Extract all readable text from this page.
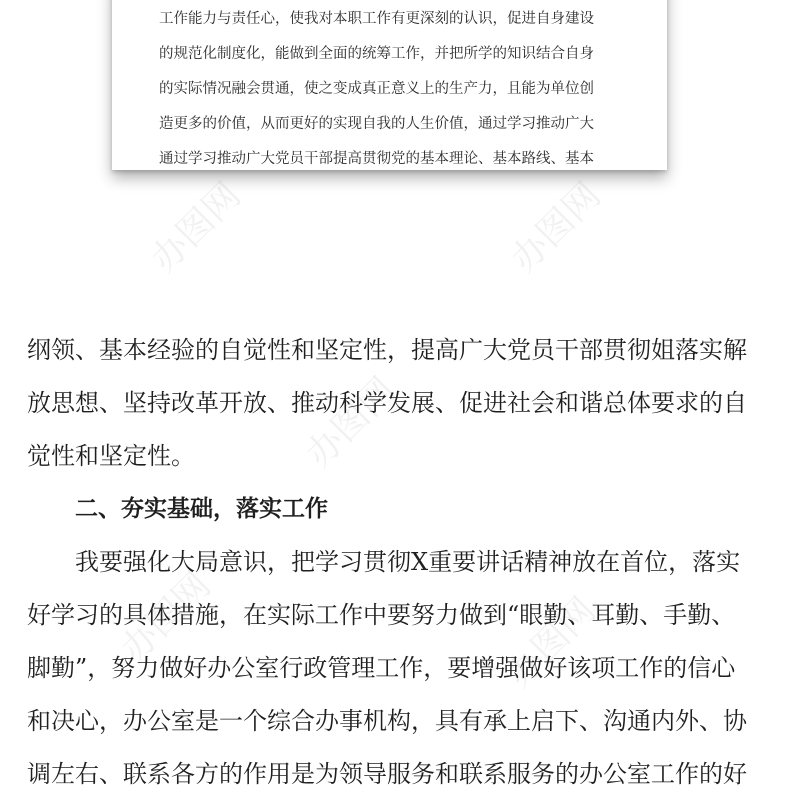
工作能力与责任心，使我对本职工作有更深刻的认识，促进自身建设
的规范化制度化，能做到全面的统筹工作，并把所学的知识结合自身
的实际情况融会贯通，使之变成真正意义上的生产力，且能为单位创
造更多的价值，从而更好的实现自我的人生价值，通过学习推动广大
通过学习推动广大党员干部提高贯彻党的基本理论、基本路线、基本
办图网	办图网
办图网
办图网	办图网
纲领、基本经验的自觉性和坚定性，提高广大党员干部贯彻姐落实解
放思想、坚持改革开放、推动科学发展、促进社会和谐总体要求的自
觉性和坚定性。
二、夯实基础，落实工作
我要强化大局意识，把学习贯彻X重要讲话精神放在首位，落实
好学习的具体措施，在实际工作中要努力做到“眼勤、耳勤、手勤、
脚勤”，努力做好办公室行政管理工作，要增强做好该项工作的信心
和决心，办公室是一个综合办事机构，具有承上启下、沟通内外、协
调左右、联系各方的作用是为领导服务和联系服务的办公室工作的好
